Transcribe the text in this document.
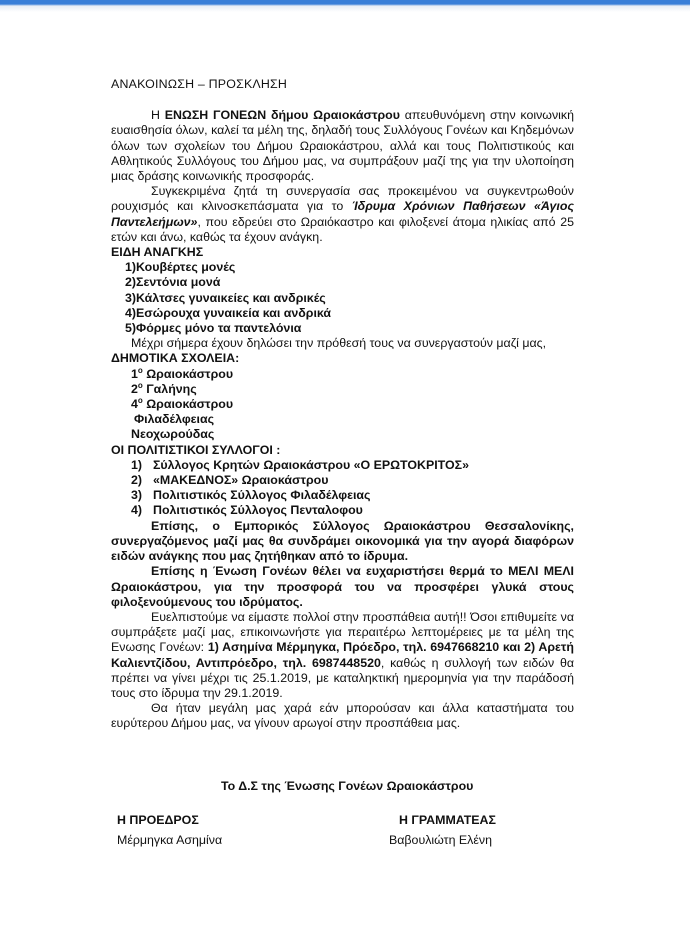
ΑΝΑΚΟΙΝΩΣΗ – ΠΡΟΣΚΛΗΣΗ

Η ΕΝΩΣΗ ΓΟΝΕΩΝ δήμου Ωραιοκάστρου απευθυνόμενη στην κοινωνική ευαισθησία όλων, καλεί τα μέλη της, δηλαδή τους Συλλόγους Γονέων και Κηδεμόνων όλων των σχολείων του Δήμου Ωραιοκάστρου, αλλά και τους Πολιτιστικούς και Αθλητικούς Συλλόγους του Δήμου μας, να συμπράξουν μαζί της για την υλοποίηση μιας δράσης κοινωνικής προσφοράς.

Συγκεκριμένα ζητά τη συνεργασία σας προκειμένου να συγκεντρωθούν ρουχισμός και κλινοσκεπάσματα για το Ίδρυμα Χρόνιων Παθήσεων «Άγιος Παντελεήμων», που εδρεύει στο Ωραιόκαστρο και φιλοξενεί άτομα ηλικίας από 25 ετών και άνω, καθώς τα έχουν ανάγκη.

ΕΙΔΗ ΑΝΑΓΚΗΣ
1)Κουβέρτες μονές
2)Σεντόνια μονά
3)Κάλτσες γυναικείες και ανδρικές
4)Εσώρουχα γυναικεία και ανδρικά
5)Φόρμες μόνο τα παντελόνια

Μέχρι σήμερα έχουν δηλώσει την πρόθεσή τους να συνεργαστούν μαζί μας,

ΔΗΜΟΤΙΚΑ ΣΧΟΛΕΙΑ:
$1^o$ Ωραιοκάστρου
$2^o$ Γαλήνης
$4^o$ Ωραιοκάστρου
Φιλαδέλφειας
Νεοχωρούδας
ΟΙ ΠΟΛΙΤΙΣΤΙΚΟΙ ΣΥΛΛΟΓΟΙ :
1) Σύλλογος Κρητών Ωραιοκάστρου «Ο ΕΡΩΤΟΚΡΙΤΟΣ»
2) «ΜΑΚΕΔΝΟΣ» Ωραιοκάστρου
3) Πολιτιστικός Σύλλογος Φιλαδέλφειας
4) Πολιτιστικός Σύλλογος Πενταλοφου

Επίσης, ο Εμπορικός Σύλλογος Ωραιοκάστρου Θεσσαλονίκης, συνεργαζόμενος μαζί μας θα συνδράμει οικονομικά για την αγορά διαφόρων ειδών ανάγκης που μας ζητήθηκαν από το ίδρυμα.

Επίσης η Ένωση Γονέων θέλει να ευχαριστήσει θερμά το ΜΕΛΙ ΜΕΛΙ Ωραιοκάστρου, για την προσφορά του να προσφέρει γλυκά στους φιλοξενούμενους του ιδρύματος.

Ευελπιστούμε να είμαστε πολλοί στην προσπάθεια αυτή!! Όσοι επιθυμείτε να συμπράξετε μαζί μας, επικοινωνήστε για περαιτέρω λεπτομέρειες με τα μέλη της Ενωσης Γονέων: 1) Ασημίνα Μέρμηγκα, Πρόεδρο, τηλ. 6947668210 και 2) Αρετή Καλιεντζίδου, Αντιπρόεδρο, τηλ. 6987448520, καθώς η συλλογή των ειδών θα πρέπει να γίνει μέχρι τις 25.1.2019, με καταληκτική ημερομηνία για την παράδοσή τους στο ίδρυμα την 29.1.2019.

Θα ήταν μεγάλη μας χαρά εάν μπορούσαν και άλλα καταστήματα του ευρύτερου Δήμου μας, να γίνουν αρωγοί στην προσπάθεια μας.

Το Δ.Σ της Ένωσης Γονέων Ωραιοκάστρου
Η ΠΡΟΕΔΡΟΣ
Μέρμηγκα Ασημίνα
Η ΓΡΑΜΜΑΤΕΑΣ
Βαβουλιώτη Ελένη
